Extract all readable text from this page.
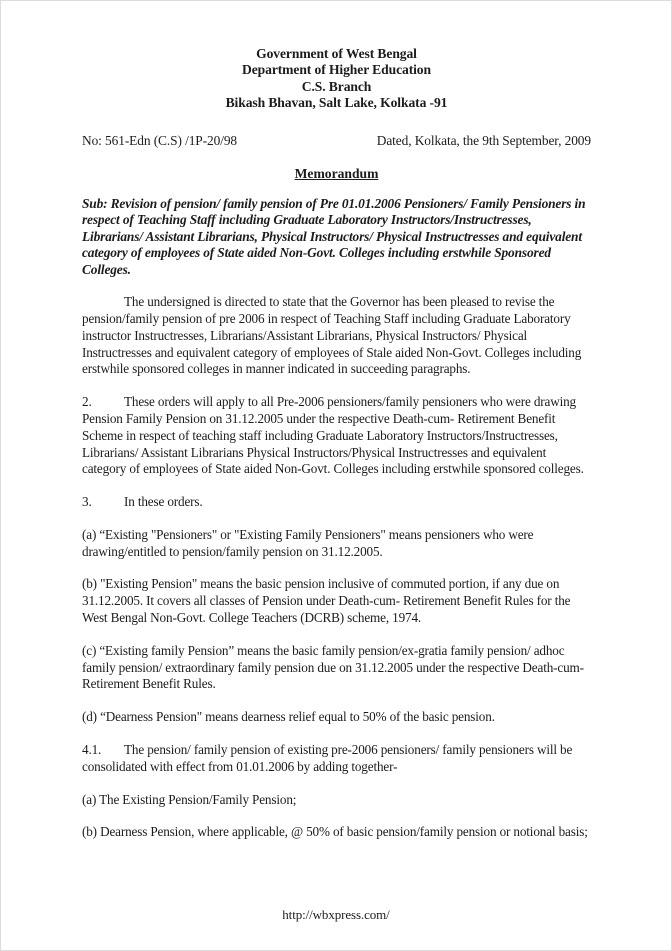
Government of West Bengal
Department of Higher Education
C.S. Branch
Bikash Bhavan, Salt Lake, Kolkata -91
No: 561-Edn (C.S) /1P-20/98	Dated, Kolkata, the 9th September, 2009
Memorandum
Sub: Revision of pension/ family pension of Pre 01.01.2006 Pensioners/ Family Pensioners in respect of Teaching Staff including Graduate Laboratory Instructors/Instructresses, Librarians/ Assistant Librarians, Physical Instructors/ Physical Instructresses and equivalent category of employees of State aided Non-Govt. Colleges including erstwhile Sponsored Colleges.

The undersigned is directed to state that the Governor has been pleased to revise the pension/family pension of pre 2006 in respect of Teaching Staff including Graduate Laboratory instructor Instructresses, Librarians/Assistant Librarians, Physical Instructors/ Physical Instructresses and equivalent category of employees of Stale aided Non-Govt. Colleges including erstwhile sponsored colleges in manner indicated in succeeding paragraphs.

2. These orders will apply to all Pre-2006 pensioners/family pensioners who were drawing Pension Family Pension on 31.12.2005 under the respective Death-cum- Retirement Benefit Scheme in respect of teaching staff including Graduate Laboratory Instructors/Instructresses, Librarians/ Assistant Librarians Physical Instructors/Physical Instructresses and equivalent category of employees of State aided Non-Govt. Colleges including erstwhile sponsored colleges.

3. In these orders.

(a) “Existing "Pensioners" or "Existing Family Pensioners" means pensioners who were drawing/entitled to pension/family pension on 31.12.2005.

(b) "Existing Pension" means the basic pension inclusive of commuted portion, if any due on 31.12.2005. It covers all classes of Pension under Death-cum- Retirement Benefit Rules for the West Bengal Non-Govt. College Teachers (DCRB) scheme, 1974.

(c) “Existing family Pension” means the basic family pension/ex-gratia family pension/ adhoc family pension/ extraordinary family pension due on 31.12.2005 under the respective Death-cum-Retirement Benefit Rules.

(d) “Dearness Pension" means dearness relief equal to 50% of the basic pension.

4.1. The pension/ family pension of existing pre-2006 pensioners/ family pensioners will be consolidated with effect from 01.01.2006 by adding together-

(a) The Existing Pension/Family Pension;

(b) Dearness Pension, where applicable, @ 50% of basic pension/family pension or notional basis;

http://wbxpress.com/
